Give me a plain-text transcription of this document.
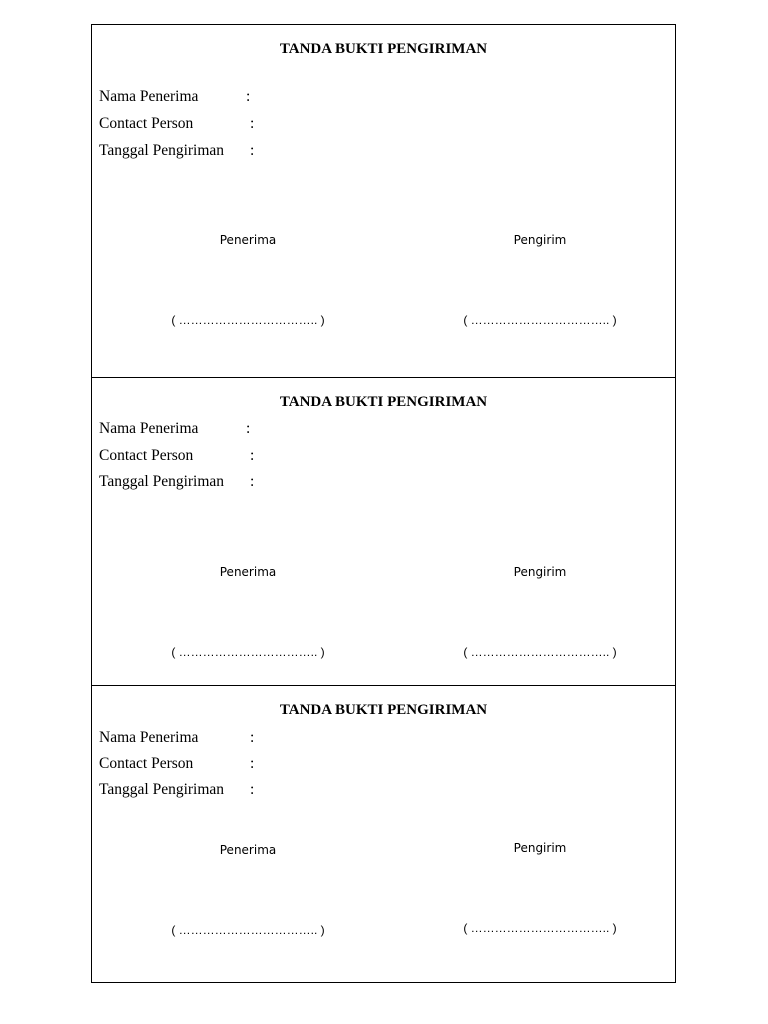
TANDA BUKTI PENGIRIMAN
Nama Penerima	:
Contact Person	:
Tanggal Pengiriman :
Penerima	Pengirim
( …………………………….. )	( …………………………….. )
TANDA BUKTI PENGIRIMAN
Nama Penerima	:
Contact Person	:
Tanggal Pengiriman :
Penerima	Pengirim
( …………………………….. )	( …………………………….. )
TANDA BUKTI PENGIRIMAN
Nama Penerima	:
Contact Person	:
Tanggal Pengiriman :
Penerima	Pengirim
( …………………………….. )	( …………………………….. )
